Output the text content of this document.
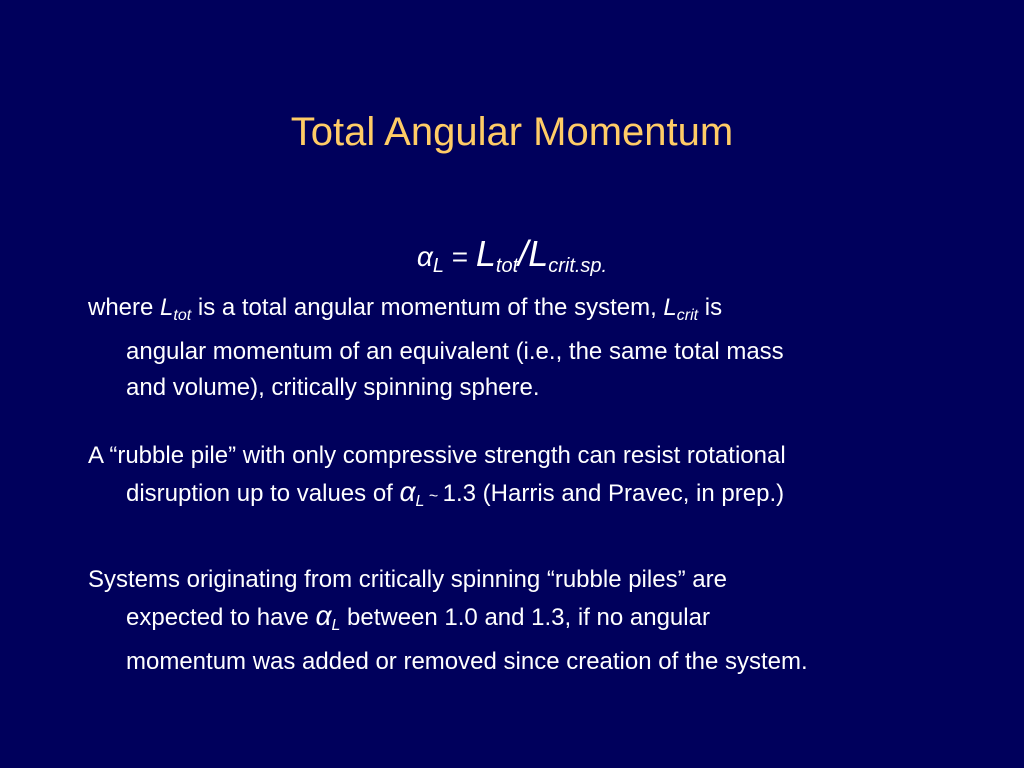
Total Angular Momentum
$\alpha_L = L_{tot}/L_{crit.sp.}$
where $L_{tot}$ is a total angular momentum of the system, $L_{crit}$ is
angular momentum of an equivalent (i.e., the same total mass
and volume), critically spinning sphere.
A “rubble pile” with only compressive strength can resist rotational
disruption up to values of $\alpha_L$ ~ 1.3 (Harris and Pravec, in prep.)
Systems originating from critically spinning “rubble piles” are
expected to have $\alpha_L$ between 1.0 and 1.3, if no angular
momentum was added or removed since creation of the system.
